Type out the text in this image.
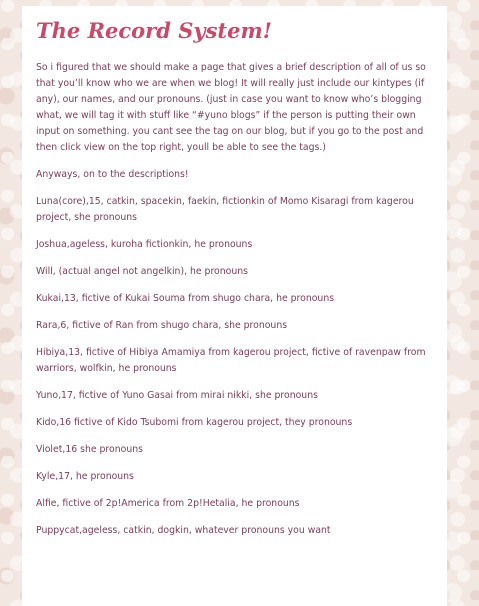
The Record System!

So i figured that we should make a page that gives a brief description of all of us so that you’ll know who we are when we blog! It will really just include our kintypes (if any), our names, and our pronouns. (just in case you want to know who’s blogging what, we will tag it with stuff like “#yuno blogs” if the person is putting their own input on something. you cant see the tag on our blog, but if you go to the post and then click view on the top right, youll be able to see the tags.)

Anyways, on to the descriptions!

Luna(core),15, catkin, spacekin, faekin, fictionkin of Momo Kisaragi from kagerou project, she pronouns

Joshua,ageless, kuroha fictionkin, he pronouns

Will, (actual angel not angelkin), he pronouns

Kukai,13, fictive of Kukai Souma from shugo chara, he pronouns

Rara,6, fictive of Ran from shugo chara, she pronouns

Hibiya,13, fictive of Hibiya Amamiya from kagerou project, fictive of ravenpaw from warriors, wolfkin, he pronouns

Yuno,17, fictive of Yuno Gasai from mirai nikki, she pronouns

Kido,16 fictive of Kido Tsubomi from kagerou project, they pronouns

Violet,16 she pronouns

Kyle,17, he pronouns

Alfie, fictive of 2p!America from 2p!Hetalia, he pronouns

Puppycat,ageless, catkin, dogkin, whatever pronouns you want
